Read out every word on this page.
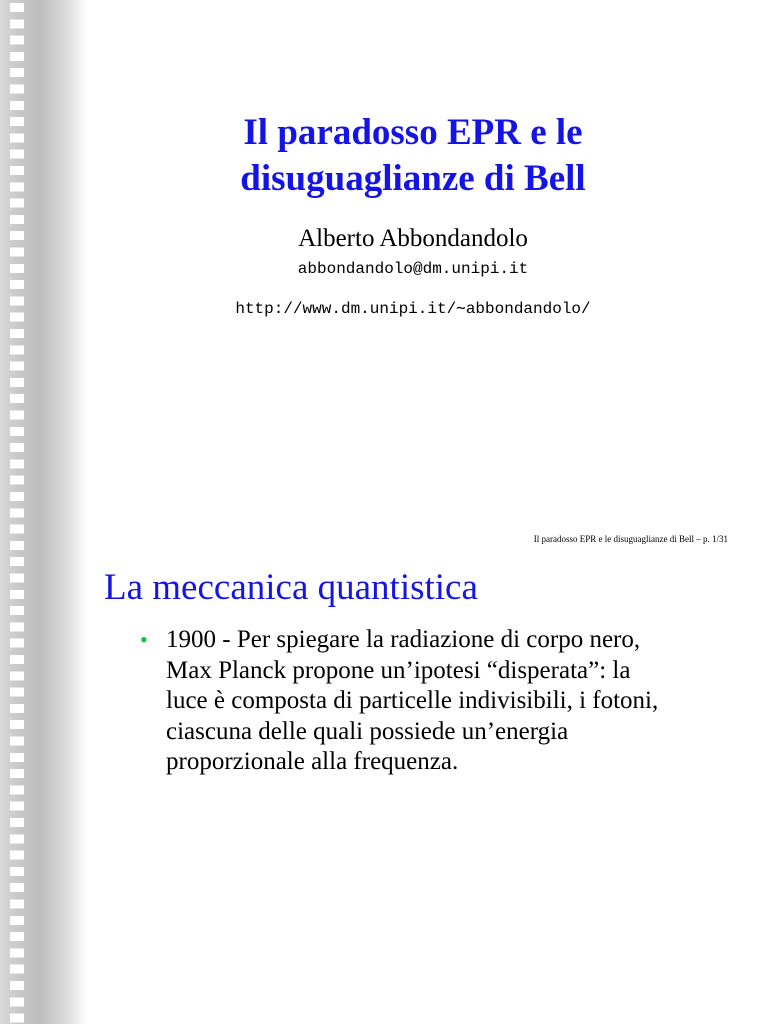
Il paradosso EPR e le
disuguaglianze di Bell
Alberto Abbondandolo
abbondandolo@dm.unipi.it
http://www.dm.unipi.it/∼abbondandolo/
Il paradosso EPR e le disuguaglianze di Bell – p. 1/31
La meccanica quantistica
• 1900 - Per spiegare la radiazione di corpo nero,
Max Planck propone un’ipotesi “disperata”: la
luce è composta di particelle indivisibili, i fotoni,
ciascuna delle quali possiede un’energia
proporzionale alla frequenza.
